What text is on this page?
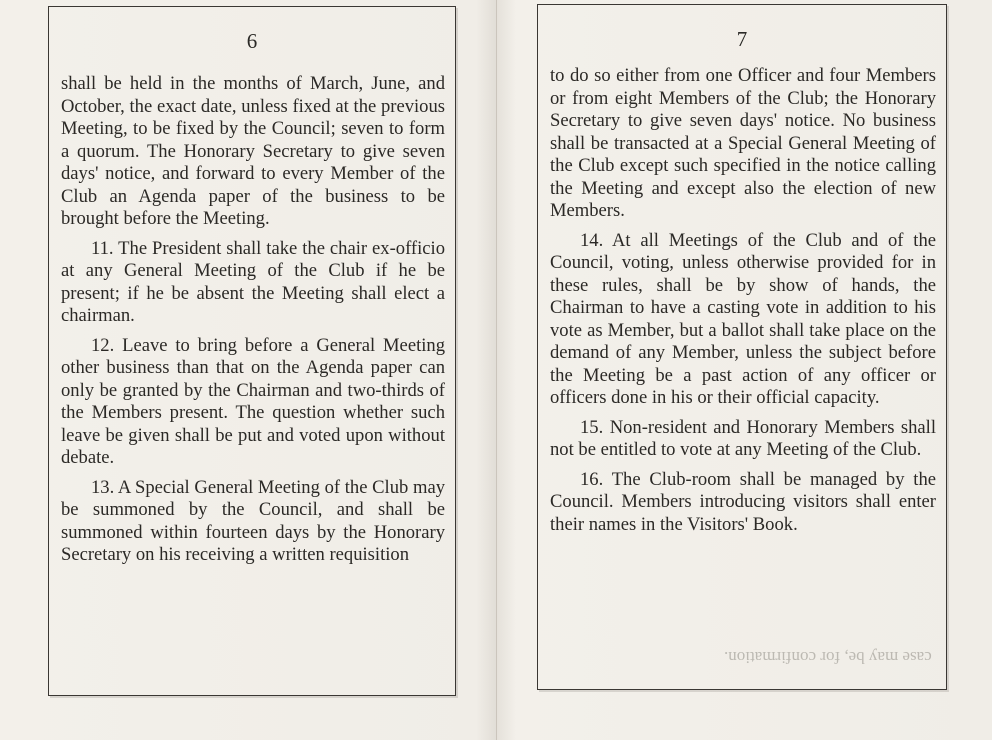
6

shall be held in the months of March, June, and October, the exact date, unless fixed at the previous Meeting, to be fixed by the Council; seven to form a quorum. The Honorary Secretary to give seven days' notice, and forward to every Member of the Club an Agenda paper of the business to be brought before the Meeting.

11. The President shall take the chair ex-officio at any General Meeting of the Club if he be present; if he be absent the Meeting shall elect a chairman.

12. Leave to bring before a General Meeting other business than that on the Agenda paper can only be granted by the Chairman and two-thirds of the Members present. The question whether such leave be given shall be put and voted upon without debate.

13. A Special General Meeting of the Club may be summoned by the Council, and shall be summoned within fourteen days by the Honorary Secretary on his receiving a written requisition

7

to do so either from one Officer and four Members or from eight Members of the Club; the Honorary Secretary to give seven days' notice. No business shall be transacted at a Special General Meeting of the Club except such specified in the notice calling the Meeting and except also the election of new Members.

14. At all Meetings of the Club and of the Council, voting, unless otherwise provided for in these rules, shall be by show of hands, the Chairman to have a casting vote in addition to his vote as Member, but a ballot shall take place on the demand of any Member, unless the subject before the Meeting be a past action of any officer or officers done in his or their official capacity.

15. Non-resident and Honorary Members shall not be entitled to vote at any Meeting of the Club.

16. The Club-room shall be managed by the Council. Members introducing visitors shall enter their names in the Visitors' Book.

case may be, for confirmation.
